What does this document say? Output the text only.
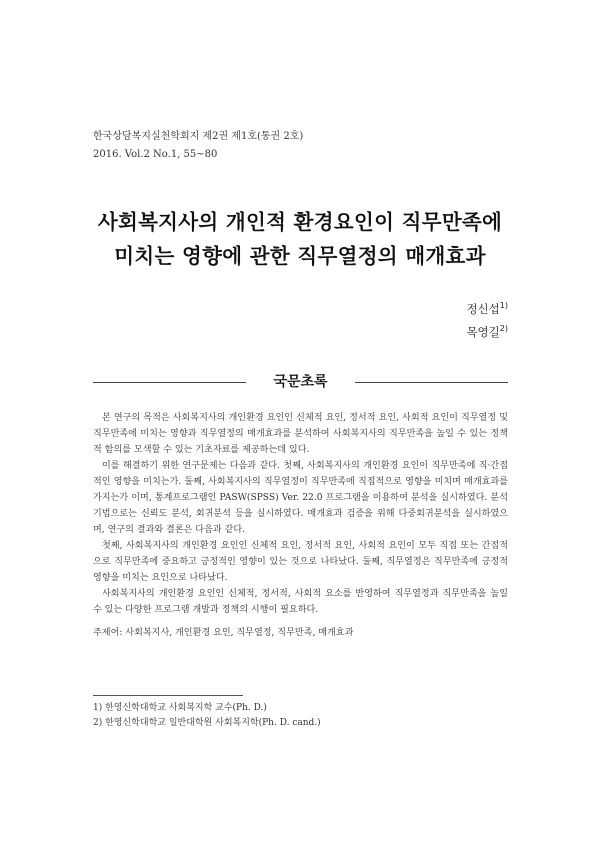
한국상담복지실천학회지 제2권 제1호(통권 2호)
2016. Vol.2 No.1, 55~80
사회복지사의 개인적 환경요인이 직무만족에
미치는 영향에 관한 직무열정의 매개효과
정신섭$^{1)}$
목영길$^{2)}$
국문초록

본 연구의 목적은 사회복지사의 개인환경 요인인 신체적 요인, 정서적 요인, 사회적 요인이 직무열정 및 직무만족에 미치는 영향과 직무열정의 매개효과를 분석하여 사회복지사의 직무만족을 높일 수 있는 정책적 함의를 모색할 수 있는 기초자료를 제공하는데 있다.

이를 해결하기 위한 연구문제는 다음과 같다. 첫째, 사회복지사의 개인환경 요인이 직무만족에 직·간접적인 영향을 미치는가. 둘째, 사회복지사의 직무열정이 직무만족에 직접적으로 영향을 미치며 매개효과를 가지는가 이며, 통계프로그램인 PASW(SPSS) Ver. 22.0 프로그램을 이용하여 분석을 실시하였다. 분석기법으로는 신뢰도 분석, 회귀분석 등을 실시하였다. 매개효과 검증을 위해 다중회귀분석을 실시하였으며, 연구의 결과와 결론은 다음과 같다.

첫째, 사회복지사의 개인환경 요인인 신체적 요인, 정서적 요인, 사회적 요인이 모두 직접 또는 간접적으로 직무만족에 중요하고 긍정적인 영향이 있는 것으로 나타났다. 둘째, 직무열정은 직무만족에 긍정적 영향을 미치는 요인으로 나타났다.

사회복지사의 개인환경 요인인 신체적, 정서적, 사회적 요소를 반영하여 직무열정과 직무만족을 높일 수 있는 다양한 프로그램 개발과 정책의 시행이 필요하다.

주제어: 사회복지사, 개인환경 요인, 직무열정, 직무만족, 매개효과
1) 한영신학대학교 사회복지학 교수(Ph. D.)
2) 한영신학대학교 일반대학원 사회복지학(Ph. D. cand.)
